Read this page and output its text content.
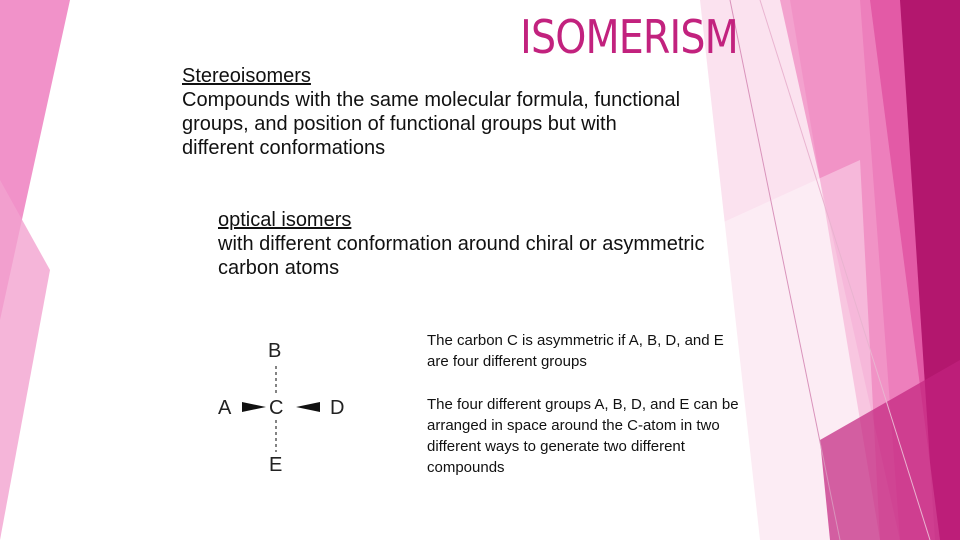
ISOMERISM
Stereoisomers
Compounds with the same molecular formula, functional
groups, and position of functional groups but with
different conformations
optical isomers
with different conformation around chiral or asymmetric
carbon atoms
B
A C D
E
The carbon C is asymmetric if A, B, D, and E
are four different groups
The four different groups A, B, D, and E can be
arranged in space around the C-atom in two
different ways to generate two different
compounds
